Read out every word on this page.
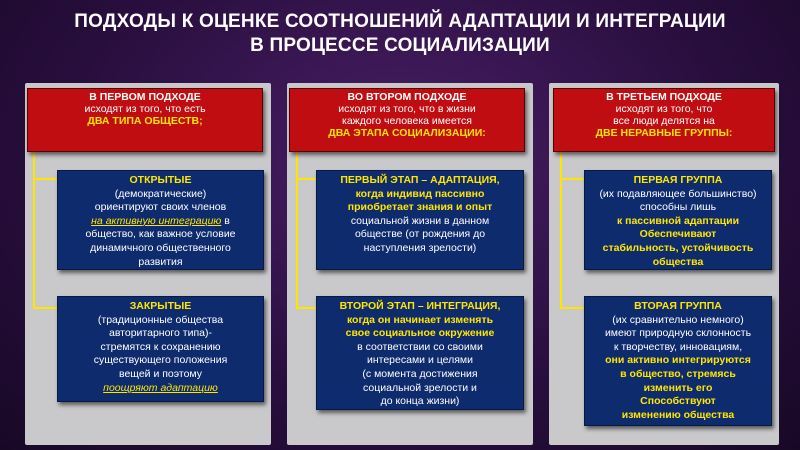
ПОДХОДЫ К ОЦЕНКЕ СООТНОШЕНИЙ АДАПТАЦИИ И ИНТЕГРАЦИИ
В ПРОЦЕССЕ СОЦИАЛИЗАЦИИ
В ПЕРВОМ ПОДХОДЕ
исходят из того, что есть
ДВА ТИПА ОБЩЕСТВ;
ВО ВТОРОМ ПОДХОДЕ
исходят из того, что в жизни
каждого человека имеется
ДВА ЭТАПА СОЦИАЛИЗАЦИИ:
В ТРЕТЬЕМ ПОДХОДЕ
исходят из того, что
все люди делятся на
ДВЕ НЕРАВНЫЕ ГРУППЫ:
ОТКРЫТЫЕ
(демократические)
ориентируют своих членов
на активную интеграцию в
общество, как важное условие
динамичного общественного
развития
ЗАКРЫТЫЕ
(традиционные общества
авторитарного типа)-
стремятся к сохранению
существующего положения
вещей и поэтому
поощряют адаптацию
ПЕРВЫЙ ЭТАП – АДАПТАЦИЯ,
когда индивид пассивно
приобретает знания и опыт
социальной жизни в данном
обществе (от рождения до
наступления зрелости)
ВТОРОЙ ЭТАП – ИНТЕГРАЦИЯ,
когда он начинает изменять
свое социальное окружение
в соответствии со своими
интересами и целями
(с момента достижения
социальной зрелости и
до конца жизни)
ПЕРВАЯ ГРУППА
(их подавляющее большинство)
способны лишь
к пассивной адаптации
Обеспечивают
стабильность, устойчивость
общества
ВТОРАЯ ГРУППА
(их сравнительно немного)
имеют природную склонность
к творчеству, инновациям,
они активно интегрируются
в общество, стремясь
изменить его
Способствуют
изменению общества
